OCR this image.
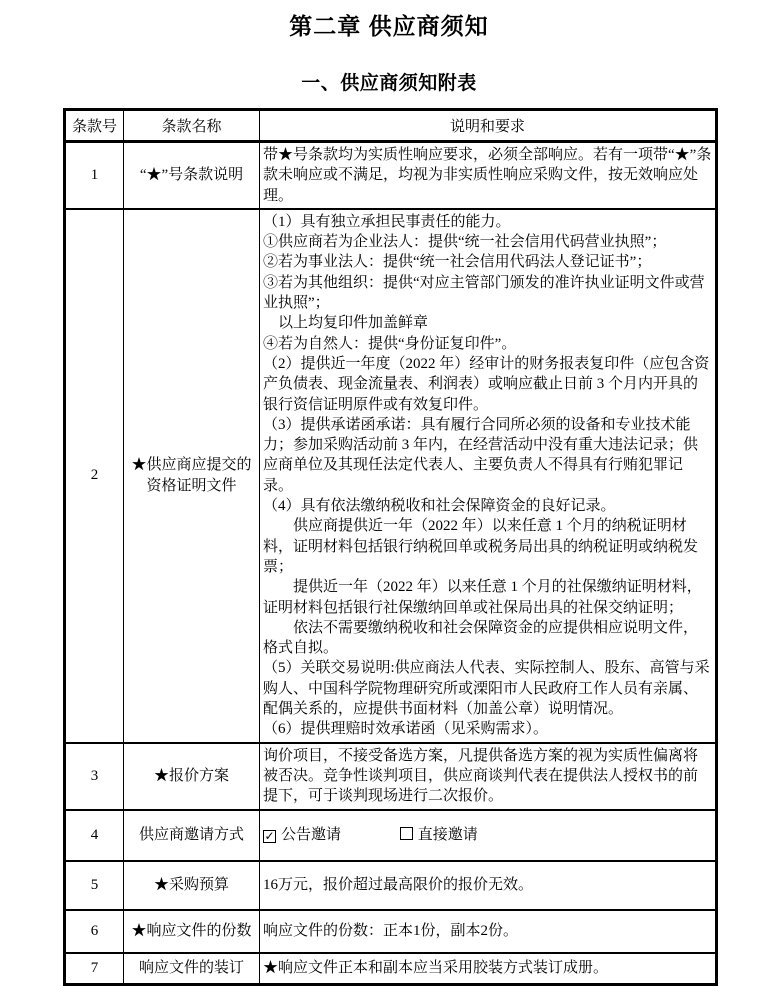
第二章 供应商须知
一、供应商须知附表
条款号	条款名称	说明和要求
1	“★”号条款说明	带★号条款均为实质性响应要求，必须全部响应。若有一项带“★”条款未响应或不满足，均视为非实质性响应采购文件，按无效响应处理。
2	★供应商应提交的资格证明文件	

（1）具有独立承担民事责任的能力。

①供应商若为企业法人：提供“统一社会信用代码营业执照”；

②若为事业法人：提供“统一社会信用代码法人登记证书”；

③若为其他组织：提供“对应主管部门颁发的准许执业证明文件或营业执照”；

以上均复印件加盖鲜章

④若为自然人：提供“身份证复印件”。

（2）提供近一年度（2022 年）经审计的财务报表复印件（应包含资产负债表、现金流量表、利润表）或响应截止日前 3 个月内开具的银行资信证明原件或有效复印件。

（3）提供承诺函承诺：具有履行合同所必须的设备和专业技术能力；参加采购活动前 3 年内，在经营活动中没有重大违法记录；供应商单位及其现任法定代表人、主要负责人不得具有行贿犯罪记录。

（4）具有依法缴纳税收和社会保障资金的良好记录。

供应商提供近一年（2022 年）以来任意 1 个月的纳税证明材料，证明材料包括银行纳税回单或税务局出具的纳税证明或纳税发票；

提供近一年（2022 年）以来任意 1 个月的社保缴纳证明材料，证明材料包括银行社保缴纳回单或社保局出具的社保交纳证明；

依法不需要缴纳税收和社会保障资金的应提供相应说明文件，格式自拟。

（5）关联交易说明:供应商法人代表、实际控制人、股东、高管与采购人、中国科学院物理研究所或溧阳市人民政府工作人员有亲属、配偶关系的，应提供书面材料（加盖公章）说明情况。

（6）提供理赔时效承诺函（见采购需求）。

3	★报价方案	询价项目，不接受备选方案，凡提供备选方案的视为实质性偏离将被否决。竞争性谈判项目，供应商谈判代表在提供法人授权书的前提下，可于谈判现场进行二次报价。
4	供应商邀请方式	✓公告邀请 直接邀请
5	★采购预算	16万元，报价超过最高限价的报价无效。
6	★响应文件的份数	响应文件的份数：正本1份，副本2份。
7	响应文件的装订	★响应文件正本和副本应当采用胶装方式装订成册。
